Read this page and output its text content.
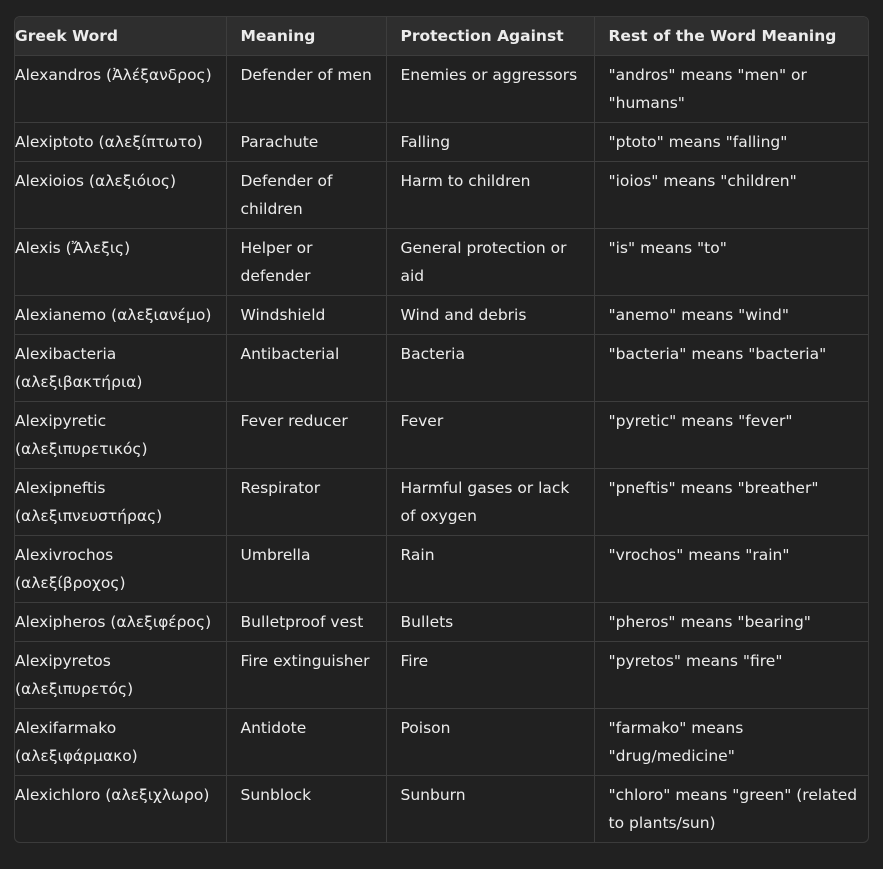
Greek Word	Meaning	Protection Against	Rest of the Word Meaning
Alexandros (Ἀλέξανδρος)	Defender of men	Enemies or aggressors	"andros" means "men" or "humans"
Alexiptoto (αλεξίπτωτο)	Parachute	Falling	"ptoto" means "falling"
Alexioios (αλεξιόιος)	Defender of children	Harm to children	"ioios" means "children"
Alexis (Ἄλεξις)	Helper or defender	General protection or aid	"is" means "to"
Alexianemo (αλεξιανέμο)	Windshield	Wind and debris	"anemo" means "wind"
Alexibacteria (αλεξιβακτήρια)	Antibacterial	Bacteria	"bacteria" means "bacteria"
Alexipyretic (αλεξιπυρετικός)	Fever reducer	Fever	"pyretic" means "fever"
Alexipneftis (αλεξιπνευστήρας)	Respirator	Harmful gases or lack of oxygen	"pneftis" means "breather"
Alexivrochos (αλεξίβροχος)	Umbrella	Rain	"vrochos" means "rain"
Alexipheros (αλεξιφέρος)	Bulletproof vest	Bullets	"pheros" means "bearing"
Alexipyretos (αλεξιπυρετός)	Fire extinguisher	Fire	"pyretos" means "fire"
Alexifarmako (αλεξιφάρμακο)	Antidote	Poison	"farmako" means "drug/medicine"
Alexichloro (αλεξιχλωρο)	Sunblock	Sunburn	"chloro" means "green" (related to plants/sun)
